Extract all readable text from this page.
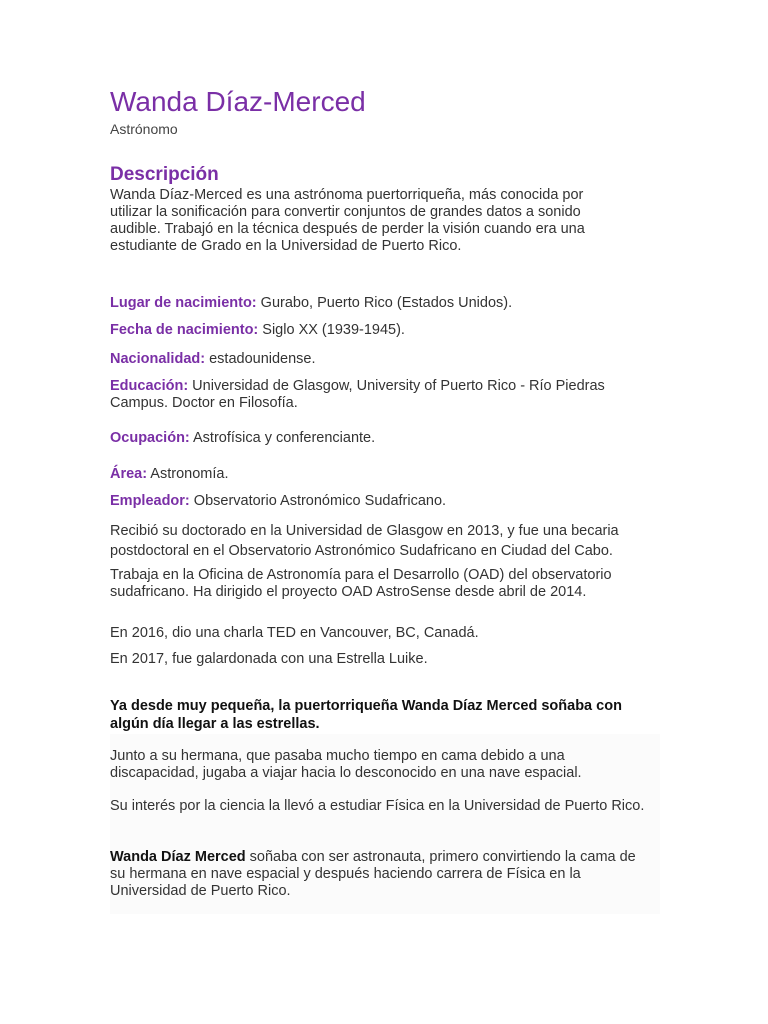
Wanda Díaz-Merced
Astrónomo
Descripción
Wanda Díaz-Merced es una astrónoma puertorriqueña, más conocida por utilizar la sonificación para convertir conjuntos de grandes datos a sonido audible. Trabajó en la técnica después de perder la visión cuando era una estudiante de Grado en la Universidad de Puerto Rico.
Lugar de nacimiento: Gurabo, Puerto Rico (Estados Unidos).
Fecha de nacimiento: Siglo XX (1939-1945).
Nacionalidad: estadounidense.
Educación: Universidad de Glasgow, University of Puerto Rico - Río Piedras Campus. Doctor en Filosofía.
Ocupación: Astrofísica y conferenciante.
Área: Astronomía.
Empleador: Observatorio Astronómico Sudafricano.
Recibió su doctorado en la Universidad de Glasgow en 2013, y fue una becaria postdoctoral en el Observatorio Astronómico Sudafricano en Ciudad del Cabo.
Trabaja en la Oficina de Astronomía para el Desarrollo (OAD) del observatorio sudafricano. Ha dirigido el proyecto OAD AstroSense desde abril de 2014.
En 2016, dio una charla TED en Vancouver, BC, Canadá.
En 2017, fue galardonada con una Estrella Luike.
Ya desde muy pequeña, la puertorriqueña Wanda Díaz Merced soñaba con algún día llegar a las estrellas.
Junto a su hermana, que pasaba mucho tiempo en cama debido a una discapacidad, jugaba a viajar hacia lo desconocido en una nave espacial.
Su interés por la ciencia la llevó a estudiar Física en la Universidad de Puerto Rico.
Wanda Díaz Merced soñaba con ser astronauta, primero convirtiendo la cama de su hermana en nave espacial y después haciendo carrera de Física en la Universidad de Puerto Rico.
